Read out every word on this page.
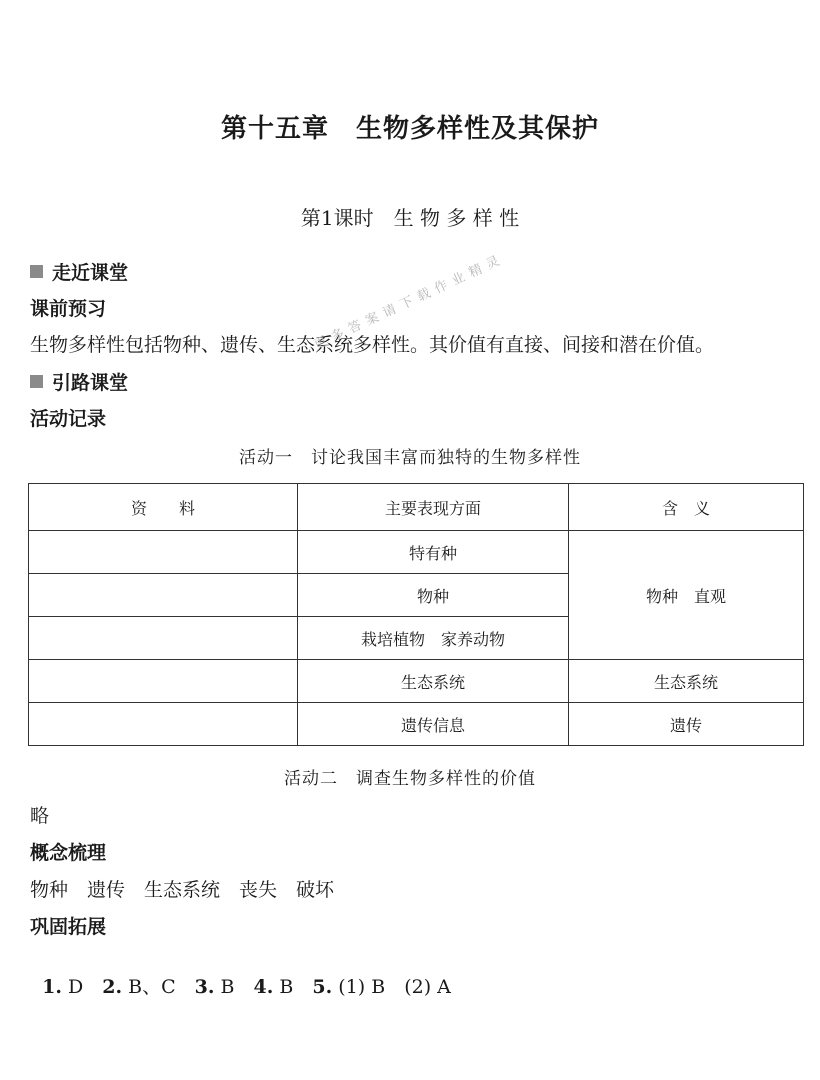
第十五章　生物多样性及其保护
第1课时　生 物 多 样 性
走近课堂
课前预习
生物多样性包括物种、遗传、生态系统多样性。其价值有直接、间接和潜在价值。
更多答案请下载作业精灵
引路课堂
活动记录
活动一　讨论我国丰富而独特的生物多样性
资　　料	主要表现方面	含　义
	特有种	物种　直观
	物种	
	栽培植物　家养动物	
	生态系统	生态系统
	遗传信息	遗传
活动二　调查生物多样性的价值
略
概念梳理
物种　遗传　生态系统　丧失　破坏
巩固拓展

1. D　 2. B、C　 3. B　 4. B　 5. (1) B　(2) A
